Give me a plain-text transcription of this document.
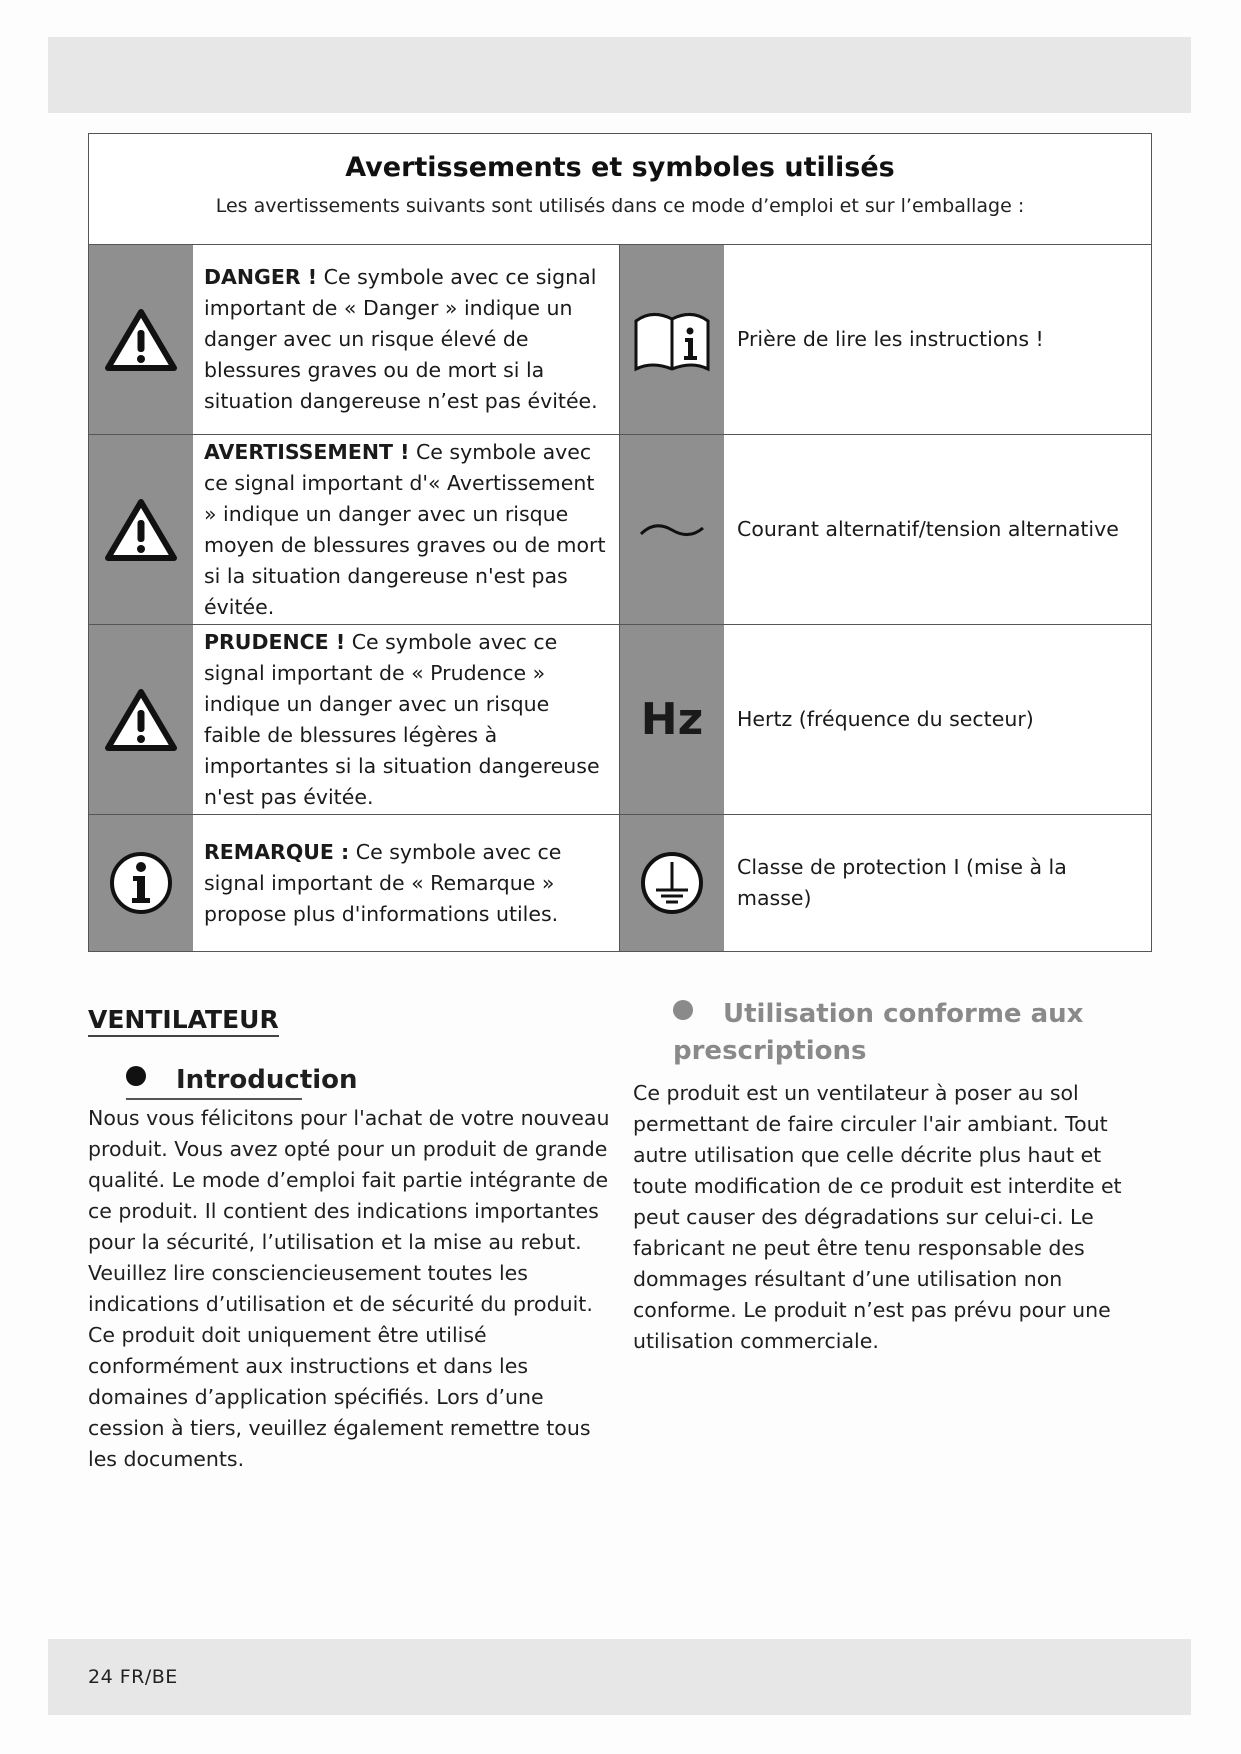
Avertissements et symboles utilisés

Les avertissements suivants sont utilisés dans ce mode d’emploi et sur l’emballage :

DANGER ! Ce symbole avec ce signal important de « Danger » indique un danger avec un risque élevé de blessures graves ou de mort si la situation dangereuse n’est pas évitée.
Prière de lire les instructions !
AVERTISSEMENT ! Ce symbole avec ce signal important d'« Avertissement » indique un danger avec un risque moyen de blessures graves ou de mort si la situation dangereuse n'est pas évitée.
Courant alternatif/tension alternative
PRUDENCE ! Ce symbole avec ce signal important de « Prudence » indique un danger avec un risque faible de blessures légères à importantes si la situation dangereuse n'est pas évitée.
Hz Hertz (fréquence du secteur)
REMARQUE : Ce symbole avec ce signal important de « Remarque » propose plus d'informations utiles.
Classe de protection I (mise à la masse)
VENTILATEUR
Introduction

Nous vous félicitons pour l'achat de votre nouveau produit. Vous avez opté pour un produit de grande qualité. Le mode d’emploi fait partie intégrante de ce produit. Il contient des indications importantes pour la sécurité, l’utilisation et la mise au rebut. Veuillez lire consciencieusement toutes les indications d’utilisation et de sécurité du produit. Ce produit doit uniquement être utilisé conformément aux instructions et dans les domaines d’application spécifiés. Lors d’une cession à tiers, veuillez également remettre tous les documents.

Utilisation conforme aux prescriptions

Ce produit est un ventilateur à poser au sol permettant de faire circuler l'air ambiant. Tout autre utilisation que celle décrite plus haut et toute modification de ce produit est interdite et peut causer des dégradations sur celui-ci. Le fabricant ne peut être tenu responsable des dommages résultant d’une utilisation non conforme. Le produit n’est pas prévu pour une utilisation commerciale.

24 FR/BE
